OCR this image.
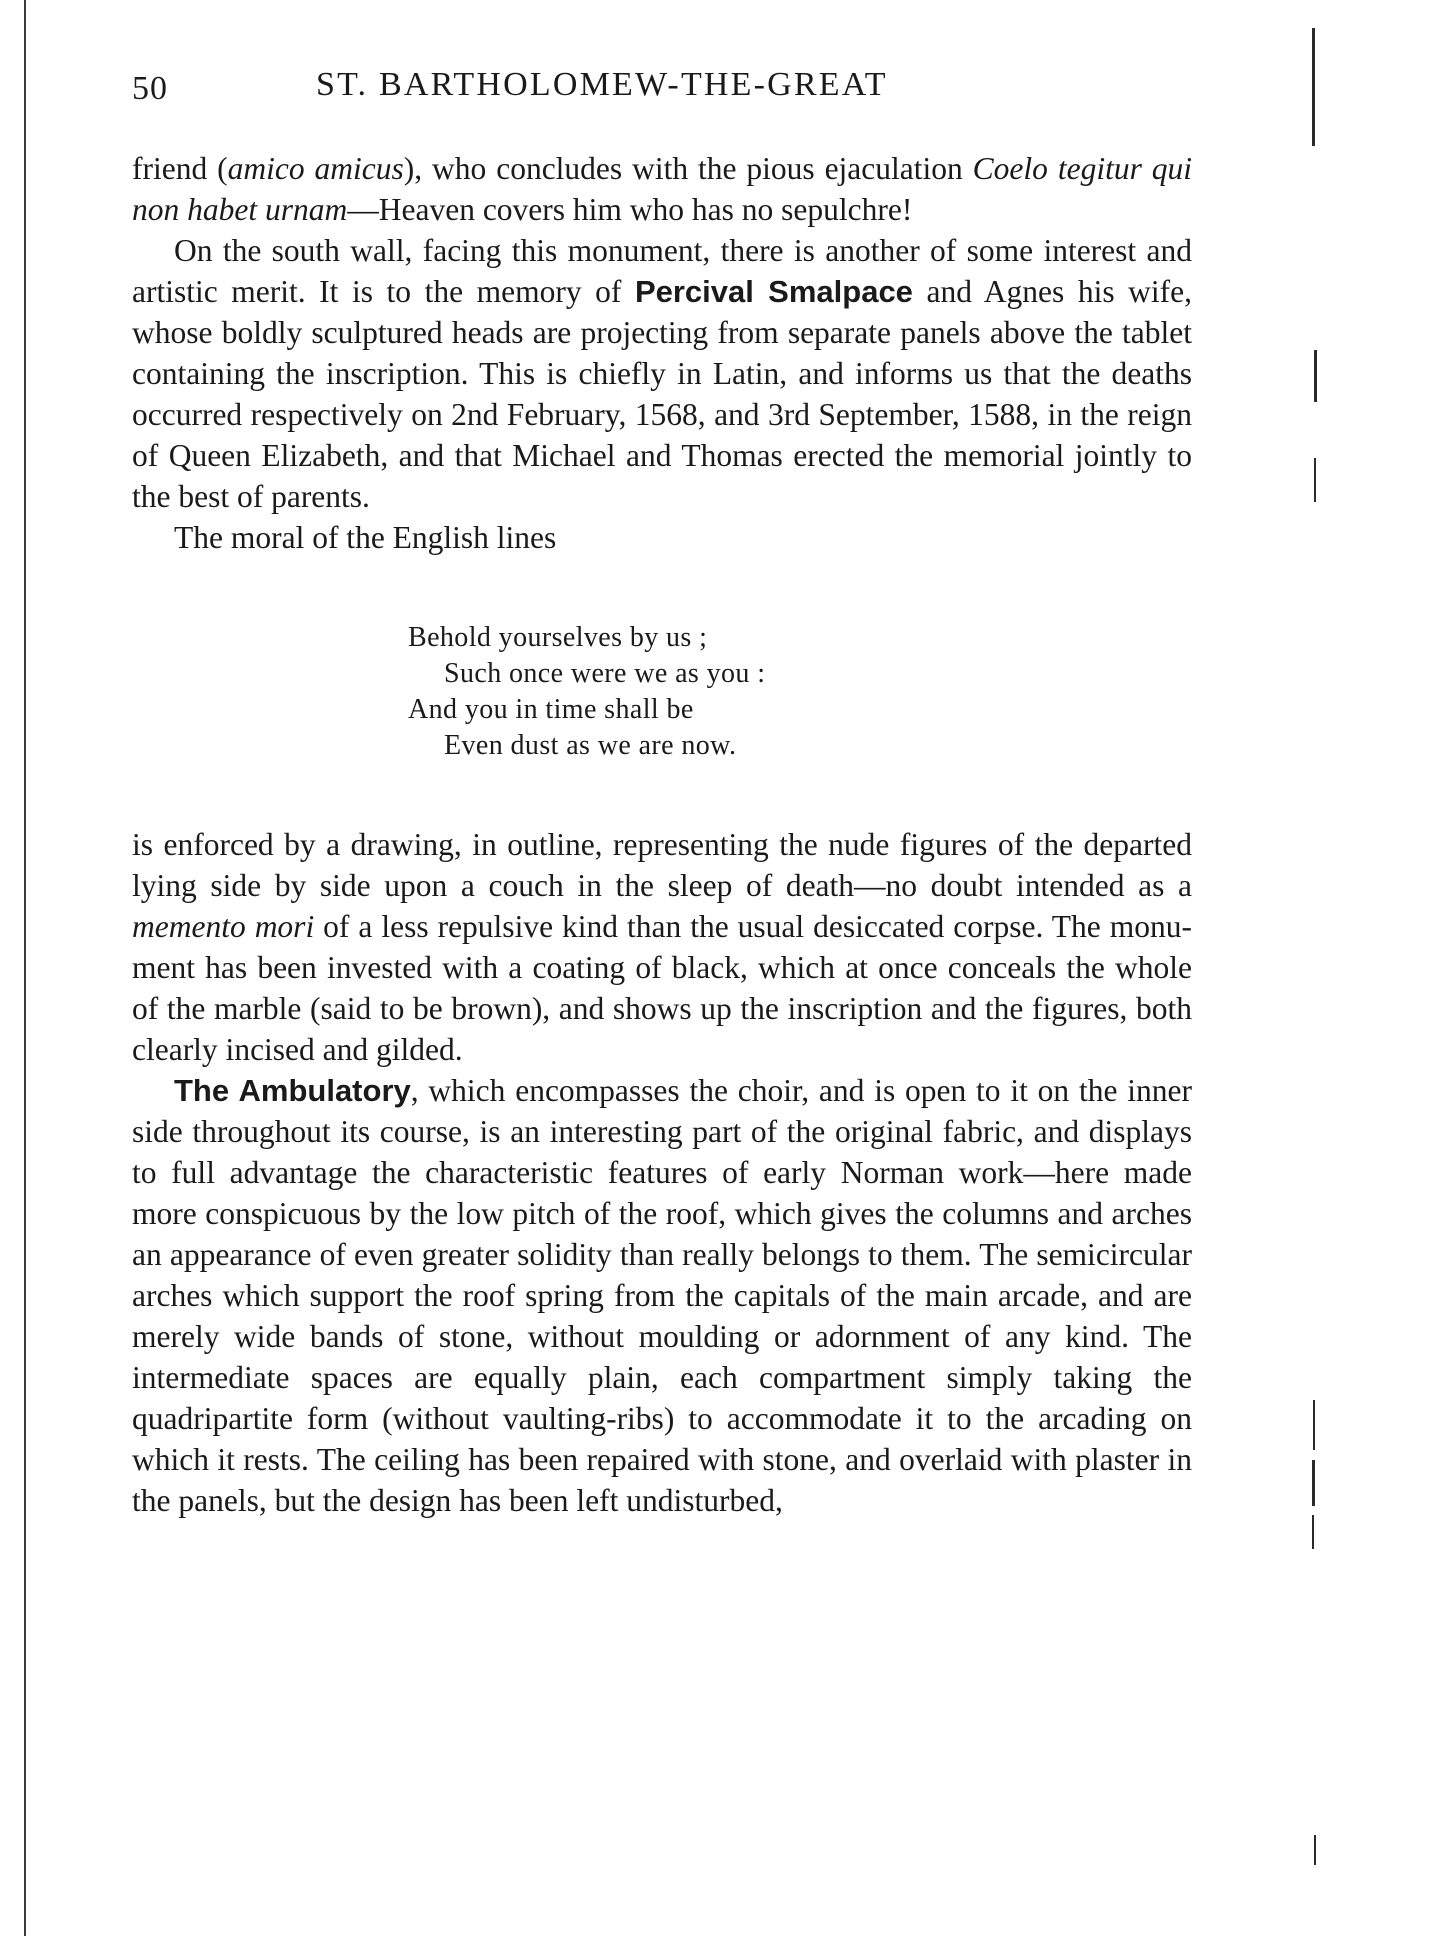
50	ST. BARTHOLOMEW-THE-GREAT

friend (amico amicus), who concludes with the pious ejaculation Coelo tegitur qui non habet urnam—Heaven covers him who has no sepulchre!

On the south wall, facing this monument, there is another of some interest and artistic merit. It is to the memory of Percival Smalpace and Agnes his wife, whose boldly sculptured heads are projecting from separate panels above the tablet containing the inscription. This is chiefly in Latin, and informs us that the deaths occurred respectively on 2nd February, 1568, and 3rd September, 1588, in the reign of Queen Elizabeth, and that Michael and Thomas erected the memorial jointly to the best of parents.

The moral of the English lines

Behold yourselves by us ;
Such once were we as you :
And you in time shall be
Even dust as we are now.

is enforced by a drawing, in outline, representing the nude figures of the departed lying side by side upon a couch in the sleep of death—no doubt intended as a memento mori of a less repulsive kind than the usual desiccated corpse. The monument has been invested with a coating of black, which at once conceals the whole of the marble (said to be brown), and shows up the inscription and the figures, both clearly incised and gilded.

The Ambulatory, which encompasses the choir, and is open to it on the inner side throughout its course, is an interesting part of the original fabric, and displays to full advantage the characteristic features of early Norman work—here made more conspicuous by the low pitch of the roof, which gives the columns and arches an appearance of even greater solidity than really belongs to them. The semicircular arches which support the roof spring from the capitals of the main arcade, and are merely wide bands of stone, without moulding or adornment of any kind. The intermediate spaces are equally plain, each compartment simply taking the quadripartite form (without vaulting-ribs) to accommodate it to the arcading on which it rests. The ceiling has been repaired with stone, and overlaid with plaster in the panels, but the design has been left undisturbed,
